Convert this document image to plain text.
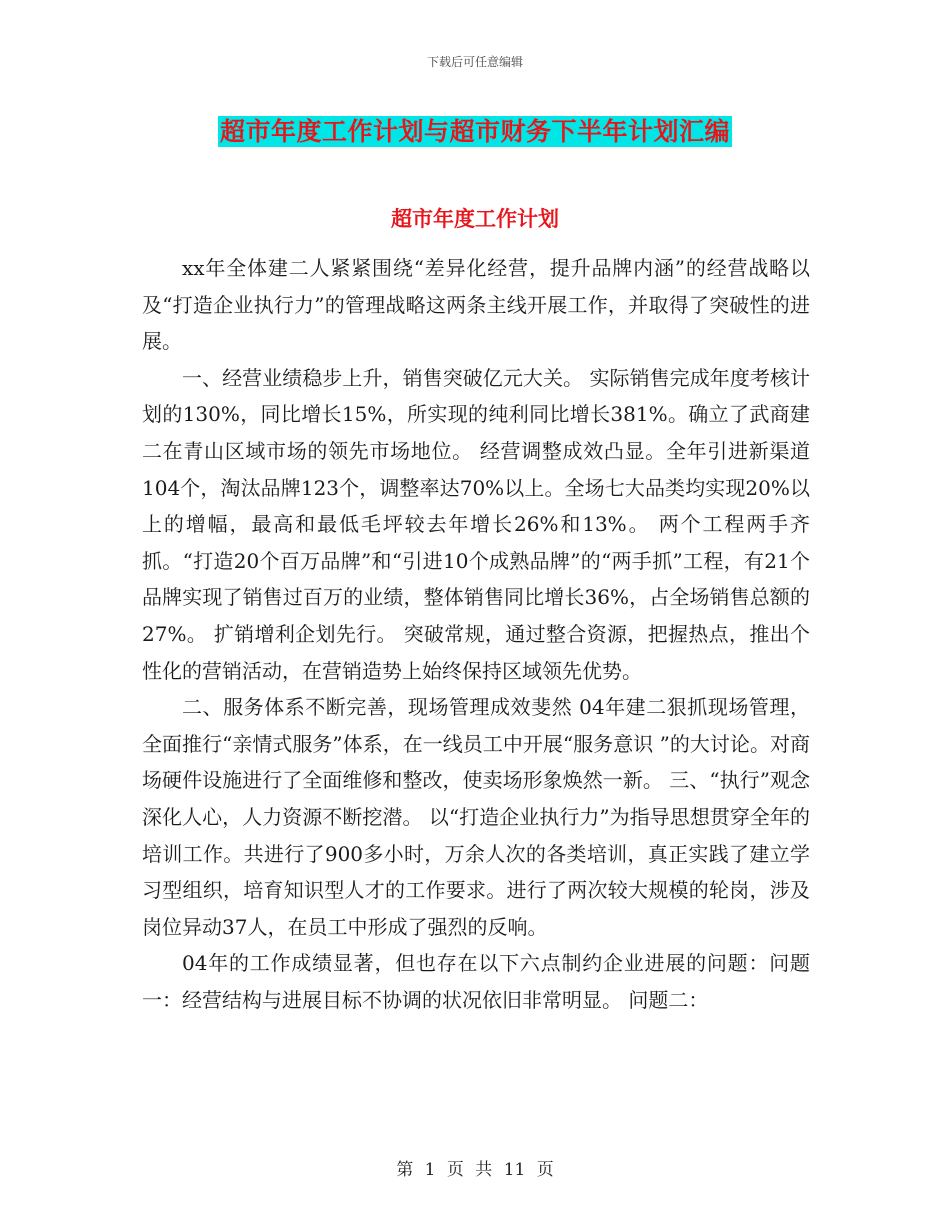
下载后可任意编辑
超市年度工作计划与超市财务下半年计划汇编
超市年度工作计划

xx年全体建二人紧紧围绕“差异化经营，提升品牌内涵”的经营战略以及“打造企业执行力”的管理战略这两条主线开展工作，并取得了突破性的进展。

一、经营业绩稳步上升，销售突破亿元大关。 实际销售完成年度考核计划的130%，同比增长15%，所实现的纯利同比增长381%。确立了武商建二在青山区域市场的领先市场地位。 经营调整成效凸显。全年引进新渠道104个，淘汰品牌123个，调整率达70%以上。全场七大品类均实现20%以上的增幅，最高和最低毛坪较去年增长26%和13%。 两个工程两手齐抓。“打造20个百万品牌”和“引进10个成熟品牌”的“两手抓”工程，有21个品牌实现了销售过百万的业绩，整体销售同比增长36%，占全场销售总额的27%。 扩销增利企划先行。 突破常规，通过整合资源，把握热点，推出个性化的营销活动，在营销造势上始终保持区域领先优势。

二、服务体系不断完善，现场管理成效斐然 04年建二狠抓现场管理，全面推行“亲情式服务”体系，在一线员工中开展“服务意识 ”的大讨论。对商场硬件设施进行了全面维修和整改，使卖场形象焕然一新。 三、“执行”观念深化人心，人力资源不断挖潜。 以“打造企业执行力”为指导思想贯穿全年的培训工作。共进行了900多小时，万余人次的各类培训，真正实践了建立学习型组织，培育知识型人才的工作要求。进行了两次较大规模的轮岗，涉及岗位异动37人，在员工中形成了强烈的反响。

04年的工作成绩显著，但也存在以下六点制约企业进展的问题：问题一：经营结构与进展目标不协调的状况依旧非常明显。 问题二：

第 1 页 共 11 页
